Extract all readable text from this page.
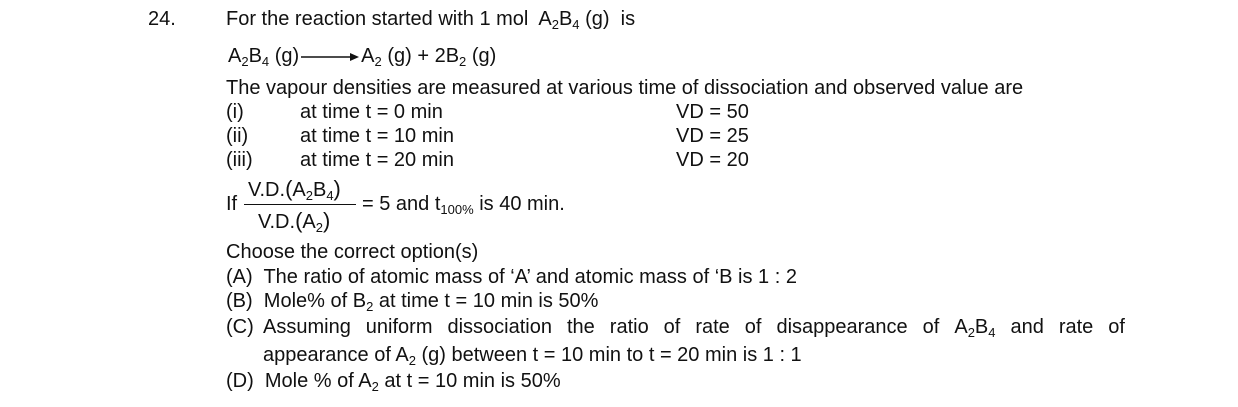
24.	For the reaction started with 1 mol $A_2B_4$ (g) is
$A_2B_4$ $(g) \to A_2$ $(g) + 2B_2$ (g)
The vapour densities are measured at various time of dissociation and observed value are
(i)	at time t = 0 min	VD = 50
(ii)	at time t = 10 min	VD = 25
(iii) at time t = 20 min	VD = 20
If
$V.D.(A_2B_4)$
$V.D.(A_2)$
= 5 and $t_{100\%}$ is 40 min.
Choose the correct option(s)
(A) The ratio of atomic mass of ‘A’ and atomic mass of ‘B is 1 : 2
(B) Mole% of $B_2$ at time t = 10 min is 50%
(C) Assuming uniform dissociation the ratio of rate of disappearance of $A_2B_4$ and rate of
appearance of $A_2$ (g) between t = 10 min to t = 20 min is 1 : 1
(D) Mole % of $A_2$ at t = 10 min is 50%
